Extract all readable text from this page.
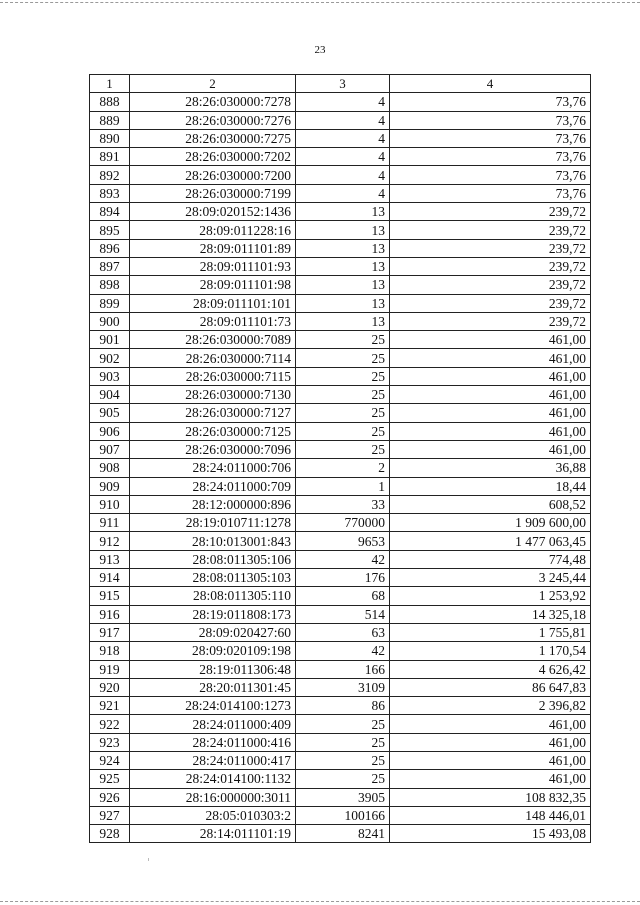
23
1	2	3	4
888	28:26:030000:7278	4	73,76
889	28:26:030000:7276	4	73,76
890	28:26:030000:7275	4	73,76
891	28:26:030000:7202	4	73,76
892	28:26:030000:7200	4	73,76
893	28:26:030000:7199	4	73,76
894	28:09:020152:1436	13	239,72
895	28:09:011228:16	13	239,72
896	28:09:011101:89	13	239,72
897	28:09:011101:93	13	239,72
898	28:09:011101:98	13	239,72
899	28:09:011101:101	13	239,72
900	28:09:011101:73	13	239,72
901	28:26:030000:7089	25	461,00
902	28:26:030000:7114	25	461,00
903	28:26:030000:7115	25	461,00
904	28:26:030000:7130	25	461,00
905	28:26:030000:7127	25	461,00
906	28:26:030000:7125	25	461,00
907	28:26:030000:7096	25	461,00
908	28:24:011000:706	2	36,88
909	28:24:011000:709	1	18,44
910	28:12:000000:896	33	608,52
911	28:19:010711:1278	770000	1 909 600,00
912	28:10:013001:843	9653	1 477 063,45
913	28:08:011305:106	42	774,48
914	28:08:011305:103	176	3 245,44
915	28:08:011305:110	68	1 253,92
916	28:19:011808:173	514	14 325,18
917	28:09:020427:60	63	1 755,81
918	28:09:020109:198	42	1 170,54
919	28:19:011306:48	166	4 626,42
920	28:20:011301:45	3109	86 647,83
921	28:24:014100:1273	86	2 396,82
922	28:24:011000:409	25	461,00
923	28:24:011000:416	25	461,00
924	28:24:011000:417	25	461,00
925	28:24:014100:1132	25	461,00
926	28:16:000000:3011	3905	108 832,35
927	28:05:010303:2	100166	148 446,01
928	28:14:011101:19	8241	15 493,08
